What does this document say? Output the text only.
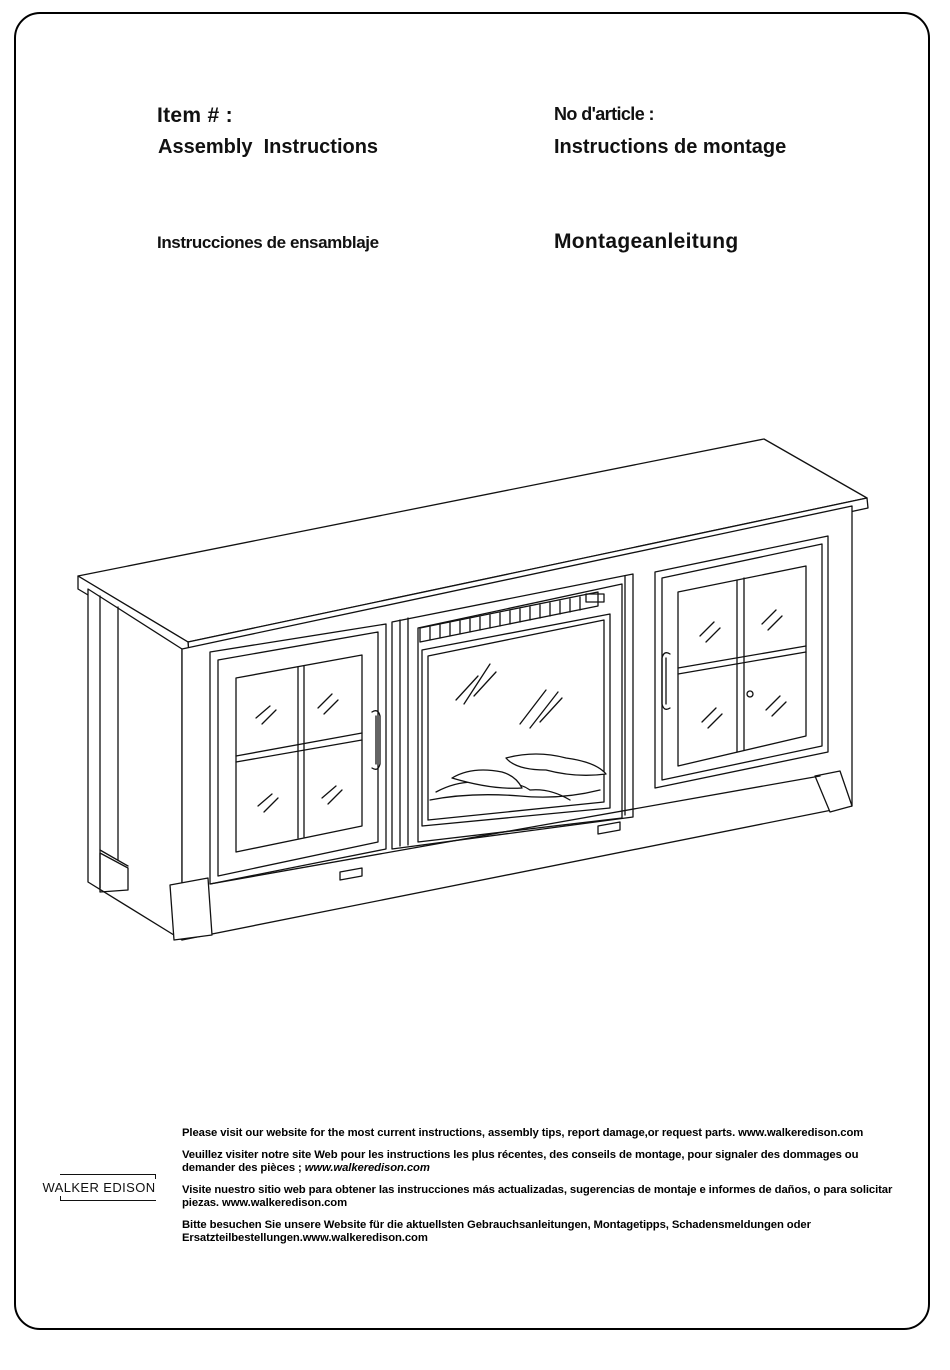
Item # :
Assembly  Instructions
No d'article :
Instructions de montage
Instrucciones de ensamblaje	Montageanleitung
WALKER EDISON

Please visit our website for the most current instructions, assembly tips, report damage,or request parts. www.walkeredison.com

Veuillez visiter notre site Web pour les instructions les plus récentes, des conseils de montage, pour signaler des dommages ou demander des pièces ; www.walkeredison.com

Visite nuestro sitio web para obtener las instrucciones más actualizadas, sugerencias de montaje e informes de daños, o para solicitar piezas. www.walkeredison.com

Bitte besuchen Sie unsere Website für die aktuellsten Gebrauchsanleitungen, Montagetipps, Schadensmeldungen oder Ersatzteilbestellungen.www.walkeredison.com
